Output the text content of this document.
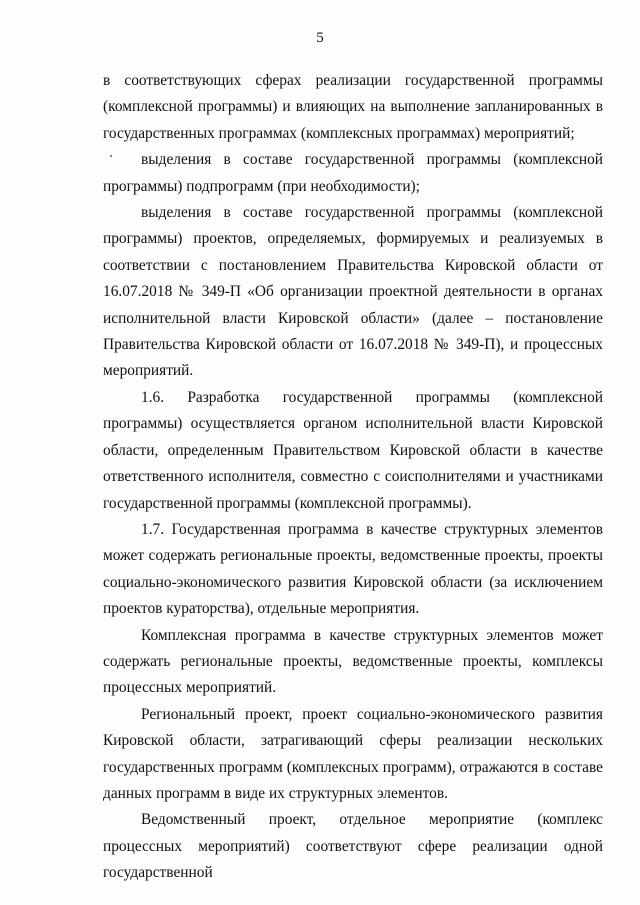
5

в соответствующих сферах реализации государственной программы (комплексной программы) и влияющих на выполнение запланированных в государственных программах (комплексных программах) мероприятий;

выделения в составе государственной программы (комплексной программы) подпрограмм (при необходимости);

выделения в составе государственной программы (комплексной программы) проектов, определяемых, формируемых и реализуемых в соответствии с постановлением Правительства Кировской области от 16.07.2018 № 349-П «Об организации проектной деятельности в органах исполнительной власти Кировской области» (далее – постановление Правительства Кировской области от 16.07.2018 № 349-П), и процессных мероприятий.

1.6. Разработка государственной программы (комплексной программы) осуществляется органом исполнительной власти Кировской области, определенным Правительством Кировской области в качестве ответственного исполнителя, совместно с соисполнителями и участниками государственной программы (комплексной программы).

1.7. Государственная программа в качестве структурных элементов может содержать региональные проекты, ведомственные проекты, проекты социально-экономического развития Кировской области (за исключением проектов кураторства), отдельные мероприятия.

Комплексная программа в качестве структурных элементов может содержать региональные проекты, ведомственные проекты, комплексы процессных мероприятий.

Региональный проект, проект социально-экономического развития Кировской области, затрагивающий сферы реализации нескольких государственных программ (комплексных программ), отражаются в составе данных программ в виде их структурных элементов.

Ведомственный проект, отдельное мероприятие (комплекс процессных мероприятий) соответствуют сфере реализации одной государственной
